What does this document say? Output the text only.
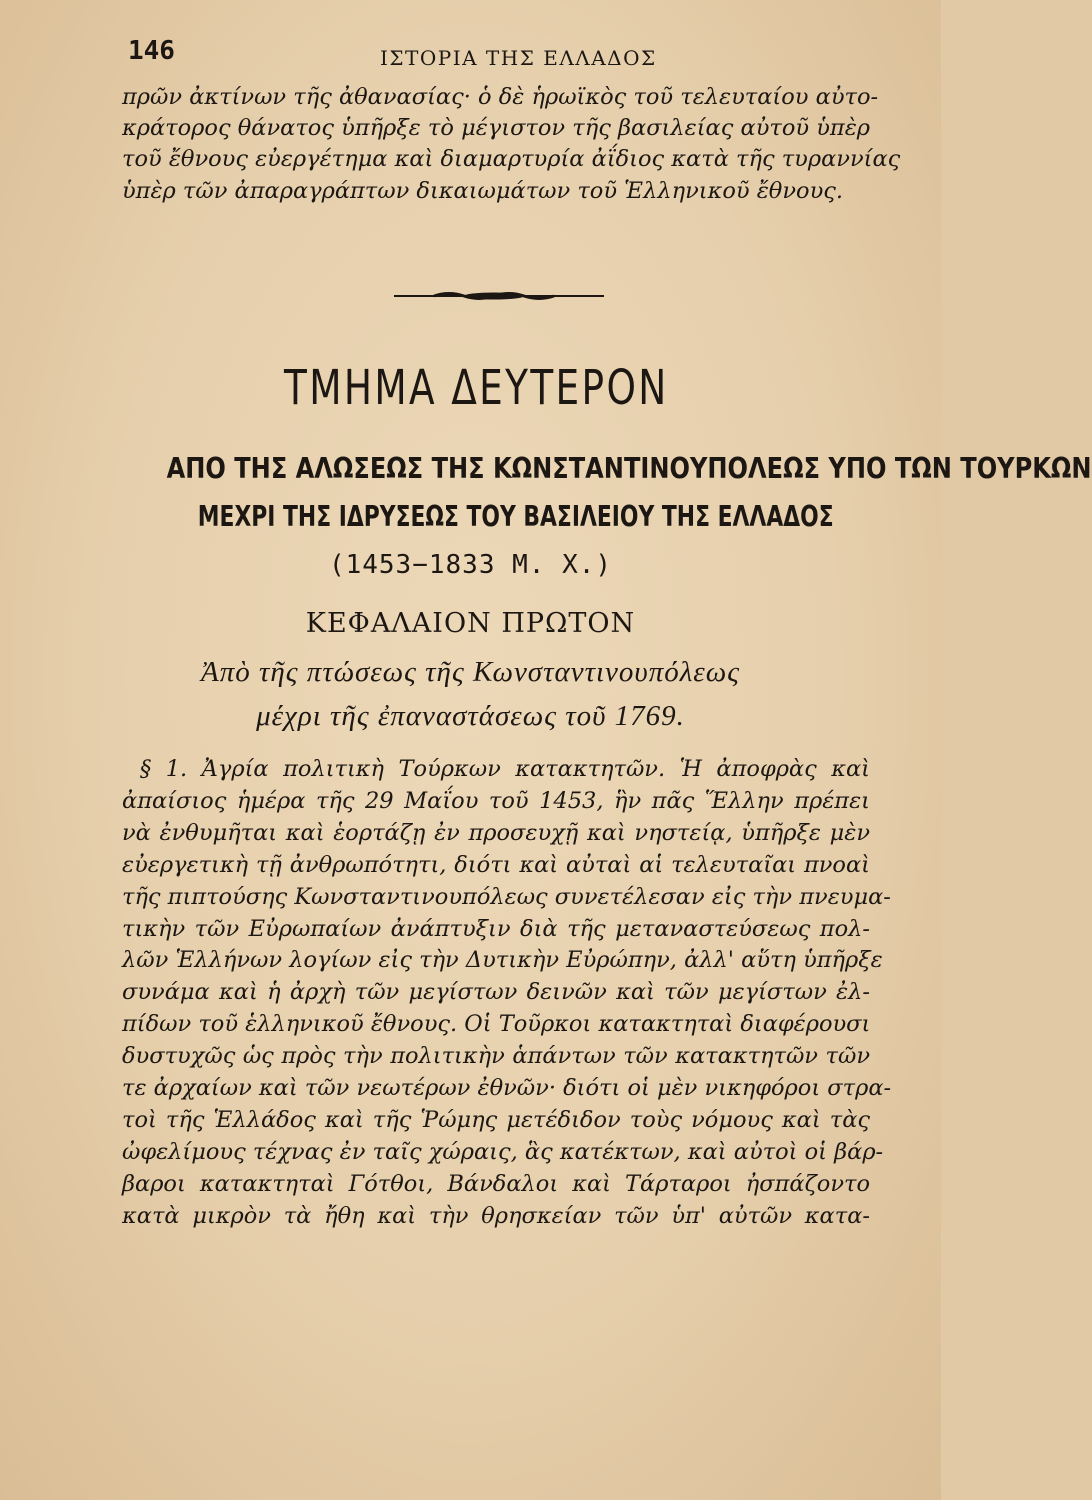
146	ΙΣΤΟΡΙΑ ΤΗΣ ΕΛΛΑΔΟΣ
πρῶν ἀκτίνων τῆς ἀθανασίας· ὁ δὲ ἡρωϊκὸς τοῦ τελευταίου αὐτο-
κράτορος θάνατος ὑπῆρξε τὸ μέγιστον τῆς βασιλείας αὐτοῦ ὑπὲρ
τοῦ ἔθνους εὐεργέτημα καὶ διαμαρτυρία ἀΐδιος κατὰ τῆς τυραννίας
ὑπὲρ τῶν ἀπαραγράπτων δικαιωμάτων τοῦ Ἑλληνικοῦ ἔθνους.
ΤΜΗΜΑ ΔΕΥΤΕΡΟΝ
ΑΠΟ ΤΗΣ ΑΛΩΣΕΩΣ ΤΗΣ ΚΩΝΣΤΑΝΤΙΝΟΥΠΟΛΕΩΣ ΥΠΟ ΤΩΝ ΤΟΥΡΚΩΝ
ΜΕΧΡΙ ΤΗΣ ΙΔΡΥΣΕΩΣ ΤΟΥ ΒΑΣΙΛΕΙΟΥ ΤΗΣ ΕΛΛΑΔΟΣ
(1453−1833 Μ. Χ.)
ΚΕΦΑΛΑΙΟΝ ΠΡΩΤΟΝ
Ἀπὸ τῆς πτώσεως τῆς Κωνσταντινουπόλεως
μέχρι τῆς ἐπαναστάσεως τοῦ 1769.
§ 1. Ἀγρία πολιτικὴ Τούρκων κατακτητῶν. Ἡ ἀποφρὰς καὶ
ἀπαίσιος ἡμέρα τῆς 29 Μαΐου τοῦ 1453, ἣν πᾶς Ἕλλην πρέπει
νὰ ἐνθυμῆται καὶ ἑορτάζῃ ἐν προσευχῇ καὶ νηστείᾳ, ὑπῆρξε μὲν
εὐεργετικὴ τῇ ἀνθρωπότητι, διότι καὶ αὐταὶ αἱ τελευταῖαι πνοαὶ
τῆς πιπτούσης Κωνσταντινουπόλεως συνετέλεσαν εἰς τὴν πνευμα-
τικὴν τῶν Εὐρωπαίων ἀνάπτυξιν διὰ τῆς μεταναστεύσεως πολ-
λῶν Ἑλλήνων λογίων εἰς τὴν Δυτικὴν Εὐρώπην, ἀλλ' αὕτη ὑπῆρξε
συνάμα καὶ ἡ ἀρχὴ τῶν μεγίστων δεινῶν καὶ τῶν μεγίστων ἐλ-
πίδων τοῦ ἑλληνικοῦ ἔθνους. Οἱ Τοῦρκοι κατακτηταὶ διαφέρουσι
δυστυχῶς ὡς πρὸς τὴν πολιτικὴν ἁπάντων τῶν κατακτητῶν τῶν
τε ἀρχαίων καὶ τῶν νεωτέρων ἐθνῶν· διότι οἱ μὲν νικηφόροι στρα-
τοὶ τῆς Ἑλλάδος καὶ τῆς Ῥώμης μετέδιδον τοὺς νόμους καὶ τὰς
ὠφελίμους τέχνας ἐν ταῖς χώραις, ἃς κατέκτων, καὶ αὐτοὶ οἱ βάρ-
βαροι κατακτηταὶ Γότθοι, Βάνδαλοι καὶ Τάρταροι ἠσπάζοντο
κατὰ μικρὸν τὰ ἤθη καὶ τὴν θρησκείαν τῶν ὑπ' αὐτῶν κατα-
